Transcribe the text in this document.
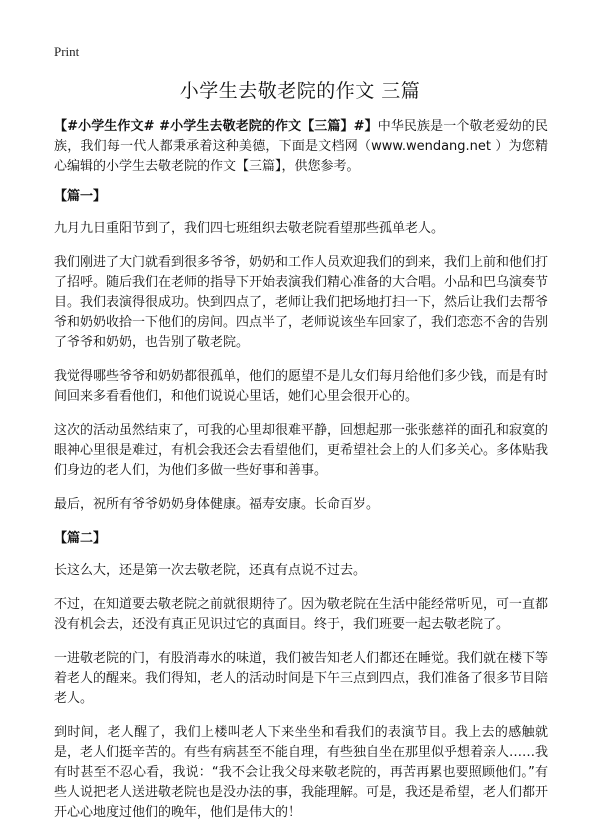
Print
小学生去敬老院的作文 三篇

【#小学生作文# #小学生去敬老院的作文【三篇】#】中华民族是一个敬老爱幼的民族，我们每一代人都秉承着这种美德，下面是文档网（www.wendang.net ）为您精心编辑的小学生去敬老院的作文【三篇】，供您参考。

【篇一】

九月九日重阳节到了，我们四七班组织去敬老院看望那些孤单老人。

我们刚进了大门就看到很多爷爷，奶奶和工作人员欢迎我们的到来，我们上前和他们打了招呼。随后我们在老师的指导下开始表演我们精心准备的大合唱。小品和巴乌演奏节目。我们表演得很成功。快到四点了，老师让我们把场地打扫一下，然后让我们去帮爷爷和奶奶收拾一下他们的房间。四点半了，老师说该坐车回家了，我们恋恋不舍的告别了爷爷和奶奶，也告别了敬老院。

我觉得哪些爷爷和奶奶都很孤单，他们的愿望不是儿女们每月给他们多少钱，而是有时间回来多看看他们，和他们说说心里话，她们心里会很开心的。

这次的活动虽然结束了，可我的心里却很难平静，回想起那一张张慈祥的面孔和寂寞的眼神心里很是难过，有机会我还会去看望他们，更希望社会上的人们多关心。多体贴我们身边的老人们，为他们多做一些好事和善事。

最后，祝所有爷爷奶奶身体健康。福寿安康。长命百岁。

【篇二】

长这么大，还是第一次去敬老院，还真有点说不过去。

不过，在知道要去敬老院之前就很期待了。因为敬老院在生活中能经常听见，可一直都没有机会去，还没有真正见识过它的真面目。终于，我们班要一起去敬老院了。

一进敬老院的门，有股消毒水的味道，我们被告知老人们都还在睡觉。我们就在楼下等着老人的醒来。我们得知，老人的活动时间是下午三点到四点，我们准备了很多节目陪老人。

到时间，老人醒了，我们上楼叫老人下来坐坐和看我们的表演节目。我上去的感触就是，老人们挺辛苦的。有些有病甚至不能自理，有些独自坐在那里似乎想着亲人……我有时甚至不忍心看，我说：“我不会让我父母来敬老院的，再苦再累也要照顾他们。”有些人说把老人送进敬老院也是没办法的事，我能理解。可是，我还是希望，老人们都开开心心地度过他们的晚年，他们是伟大的！
